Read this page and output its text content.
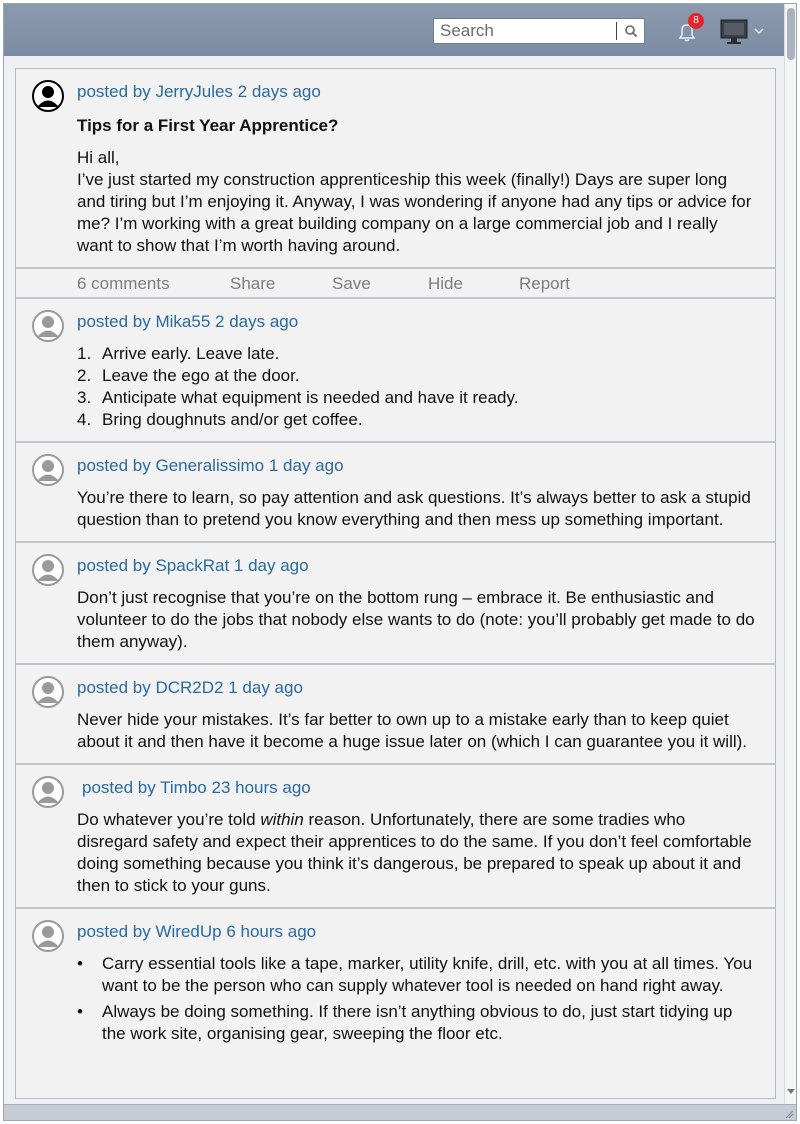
Search
8
posted by JerryJules 2 days ago
Tips for a First Year Apprentice?

Hi all,

I’ve just started my construction apprenticeship this week (finally!) Days are super long and tiring but I’m enjoying it. Anyway, I was wondering if anyone had any tips or advice for me? I’m working with a great building company on a large commercial job and I really want to show that I’m worth having around.

6 comments	Share	Save	Hide	Report
posted by Mika55 2 days ago
1. Arrive early. Leave late.
2. Leave the ego at the door.
3. Anticipate what equipment is needed and have it ready.
4. Bring doughnuts and/or get coffee.
posted by Generalissimo 1 day ago

You’re there to learn, so pay attention and ask questions. It’s always better to ask a stupid question than to pretend you know everything and then mess up something important.

posted by SpackRat 1 day ago

Don’t just recognise that you’re on the bottom rung – embrace it. Be enthusiastic and volunteer to do the jobs that nobody else wants to do (note: you’ll probably get made to do them anyway).

posted by DCR2D2 1 day ago

Never hide your mistakes. It’s far better to own up to a mistake early than to keep quiet about it and then have it become a huge issue later on (which I can guarantee you it will).

posted by Timbo 23 hours ago

Do whatever you’re told within reason. Unfortunately, there are some tradies who disregard safety and expect their apprentices to do the same. If you don’t feel comfortable doing something because you think it’s dangerous, be prepared to speak up about it and then to stick to your guns.

posted by WiredUp 6 hours ago
• Carry essential tools like a tape, marker, utility knife, drill, etc. with you at all times. You want to be the person who can supply whatever tool is needed on hand right away.
• Always be doing something. If there isn’t anything obvious to do, just start tidying up the work site, organising gear, sweeping the floor etc.
